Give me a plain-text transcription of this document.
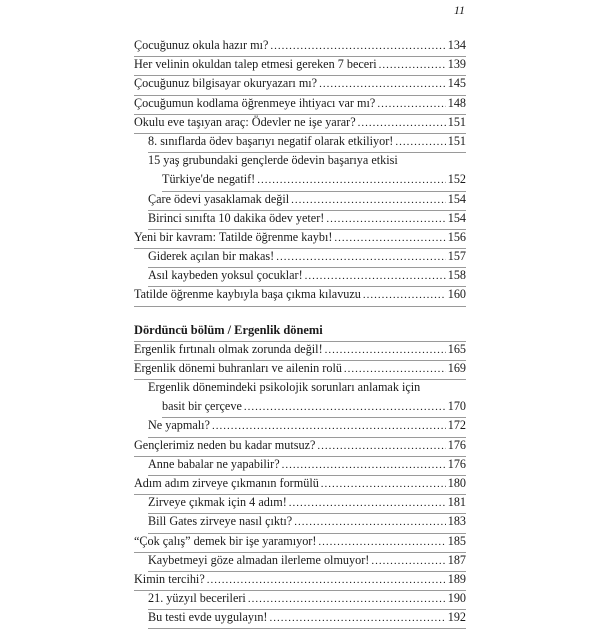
11
Çocuğunuz okula hazır mı? .....	134
Her velinin okuldan talep etmesi gereken 7 beceri .....	139
Çocuğunuz bilgisayar okuryazarı mı? .....	145
Çocuğumun kodlama öğrenmeye ihtiyacı var mı? .....	148
Okulu eve taşıyan araç: Ödevler ne işe yarar? .....	151
8. sınıflarda ödev başarıyı negatif olarak etkiliyor! .....	151
15 yaş grubundaki gençlerde ödevin başarıya etkisi
Türkiye'de negatif! .....	152
Çare ödevi yasaklamak değil .....	154
Birinci sınıfta 10 dakika ödev yeter! .....	154
Yeni bir kavram: Tatilde öğrenme kaybı! .....	156
Giderek açılan bir makas! .....	157
Asıl kaybeden yoksul çocuklar! .....	158
Tatilde öğrenme kaybıyla başa çıkma kılavuzu .....	160
Dördüncü bölüm / Ergenlik dönemi
Ergenlik fırtınalı olmak zorunda değil! .....	165
Ergenlik dönemi buhranları ve ailenin rolü .....	169
Ergenlik dönemindeki psikolojik sorunları anlamak için
basit bir çerçeve .....	170
Ne yapmalı? .....	172
Gençlerimiz neden bu kadar mutsuz? .....	176
Anne babalar ne yapabilir? .....	176
Adım adım zirveye çıkmanın formülü .....	180
Zirveye çıkmak için 4 adım! .....	181
Bill Gates zirveye nasıl çıktı? .....	183
“Çok çalış” demek bir işe yaramıyor! .....	185
Kaybetmeyi göze almadan ilerleme olmuyor! .....	187
Kimin tercihi? .....	189
21. yüzyıl becerileri .....	190
Bu testi evde uygulayın! .....	192
